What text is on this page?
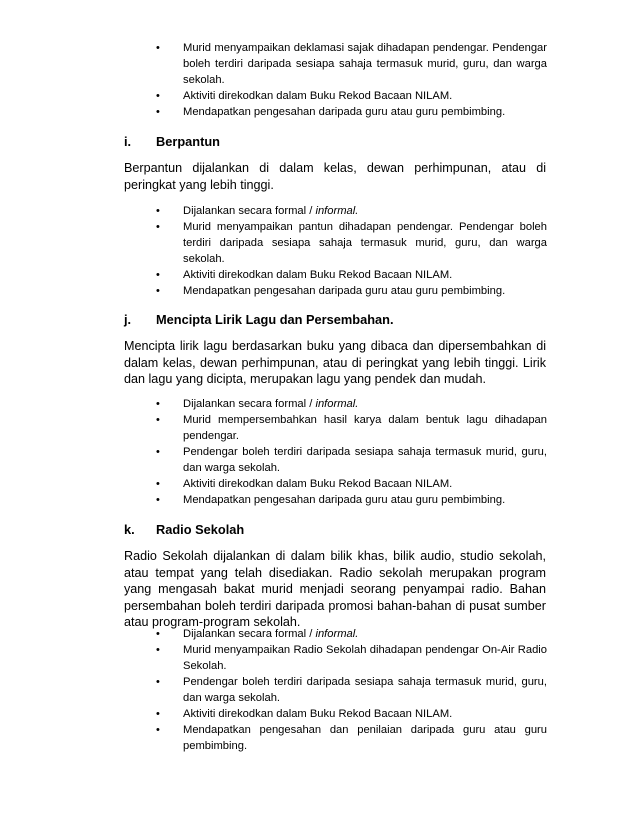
• Murid menyampaikan deklamasi sajak dihadapan pendengar. Pendengar boleh terdiri daripada sesiapa sahaja termasuk murid, guru, dan warga sekolah.
• Aktiviti direkodkan dalam Buku Rekod Bacaan NILAM.
• Mendapatkan pengesahan daripada guru atau guru pembimbing.
i. Berpantun
Berpantun dijalankan di dalam kelas, dewan perhimpunan, atau di peringkat yang lebih tinggi.
• Dijalankan secara formal / informal.
• Murid menyampaikan pantun dihadapan pendengar. Pendengar boleh terdiri daripada sesiapa sahaja termasuk murid, guru, dan warga sekolah.
• Aktiviti direkodkan dalam Buku Rekod Bacaan NILAM.
• Mendapatkan pengesahan daripada guru atau guru pembimbing.
j. Mencipta Lirik Lagu dan Persembahan.
Mencipta lirik lagu berdasarkan buku yang dibaca dan dipersembahkan di dalam kelas, dewan perhimpunan, atau di peringkat yang lebih tinggi. Lirik dan lagu yang dicipta, merupakan lagu yang pendek dan mudah.
• Dijalankan secara formal / informal.
• Murid mempersembahkan hasil karya dalam bentuk lagu dihadapan pendengar.
• Pendengar boleh terdiri daripada sesiapa sahaja termasuk murid, guru, dan warga sekolah.
• Aktiviti direkodkan dalam Buku Rekod Bacaan NILAM.
• Mendapatkan pengesahan daripada guru atau guru pembimbing.
k. Radio Sekolah
Radio Sekolah dijalankan di dalam bilik khas, bilik audio, studio sekolah, atau tempat yang telah disediakan. Radio sekolah merupakan program yang mengasah bakat murid menjadi seorang penyampai radio. Bahan persembahan boleh terdiri daripada promosi bahan-bahan di pusat sumber atau program-program sekolah.
• Dijalankan secara formal / informal.
• Murid menyampaikan Radio Sekolah dihadapan pendengar On-Air Radio Sekolah.
• Pendengar boleh terdiri daripada sesiapa sahaja termasuk murid, guru, dan warga sekolah.
• Aktiviti direkodkan dalam Buku Rekod Bacaan NILAM.
• Mendapatkan pengesahan dan penilaian daripada guru atau guru pembimbing.
